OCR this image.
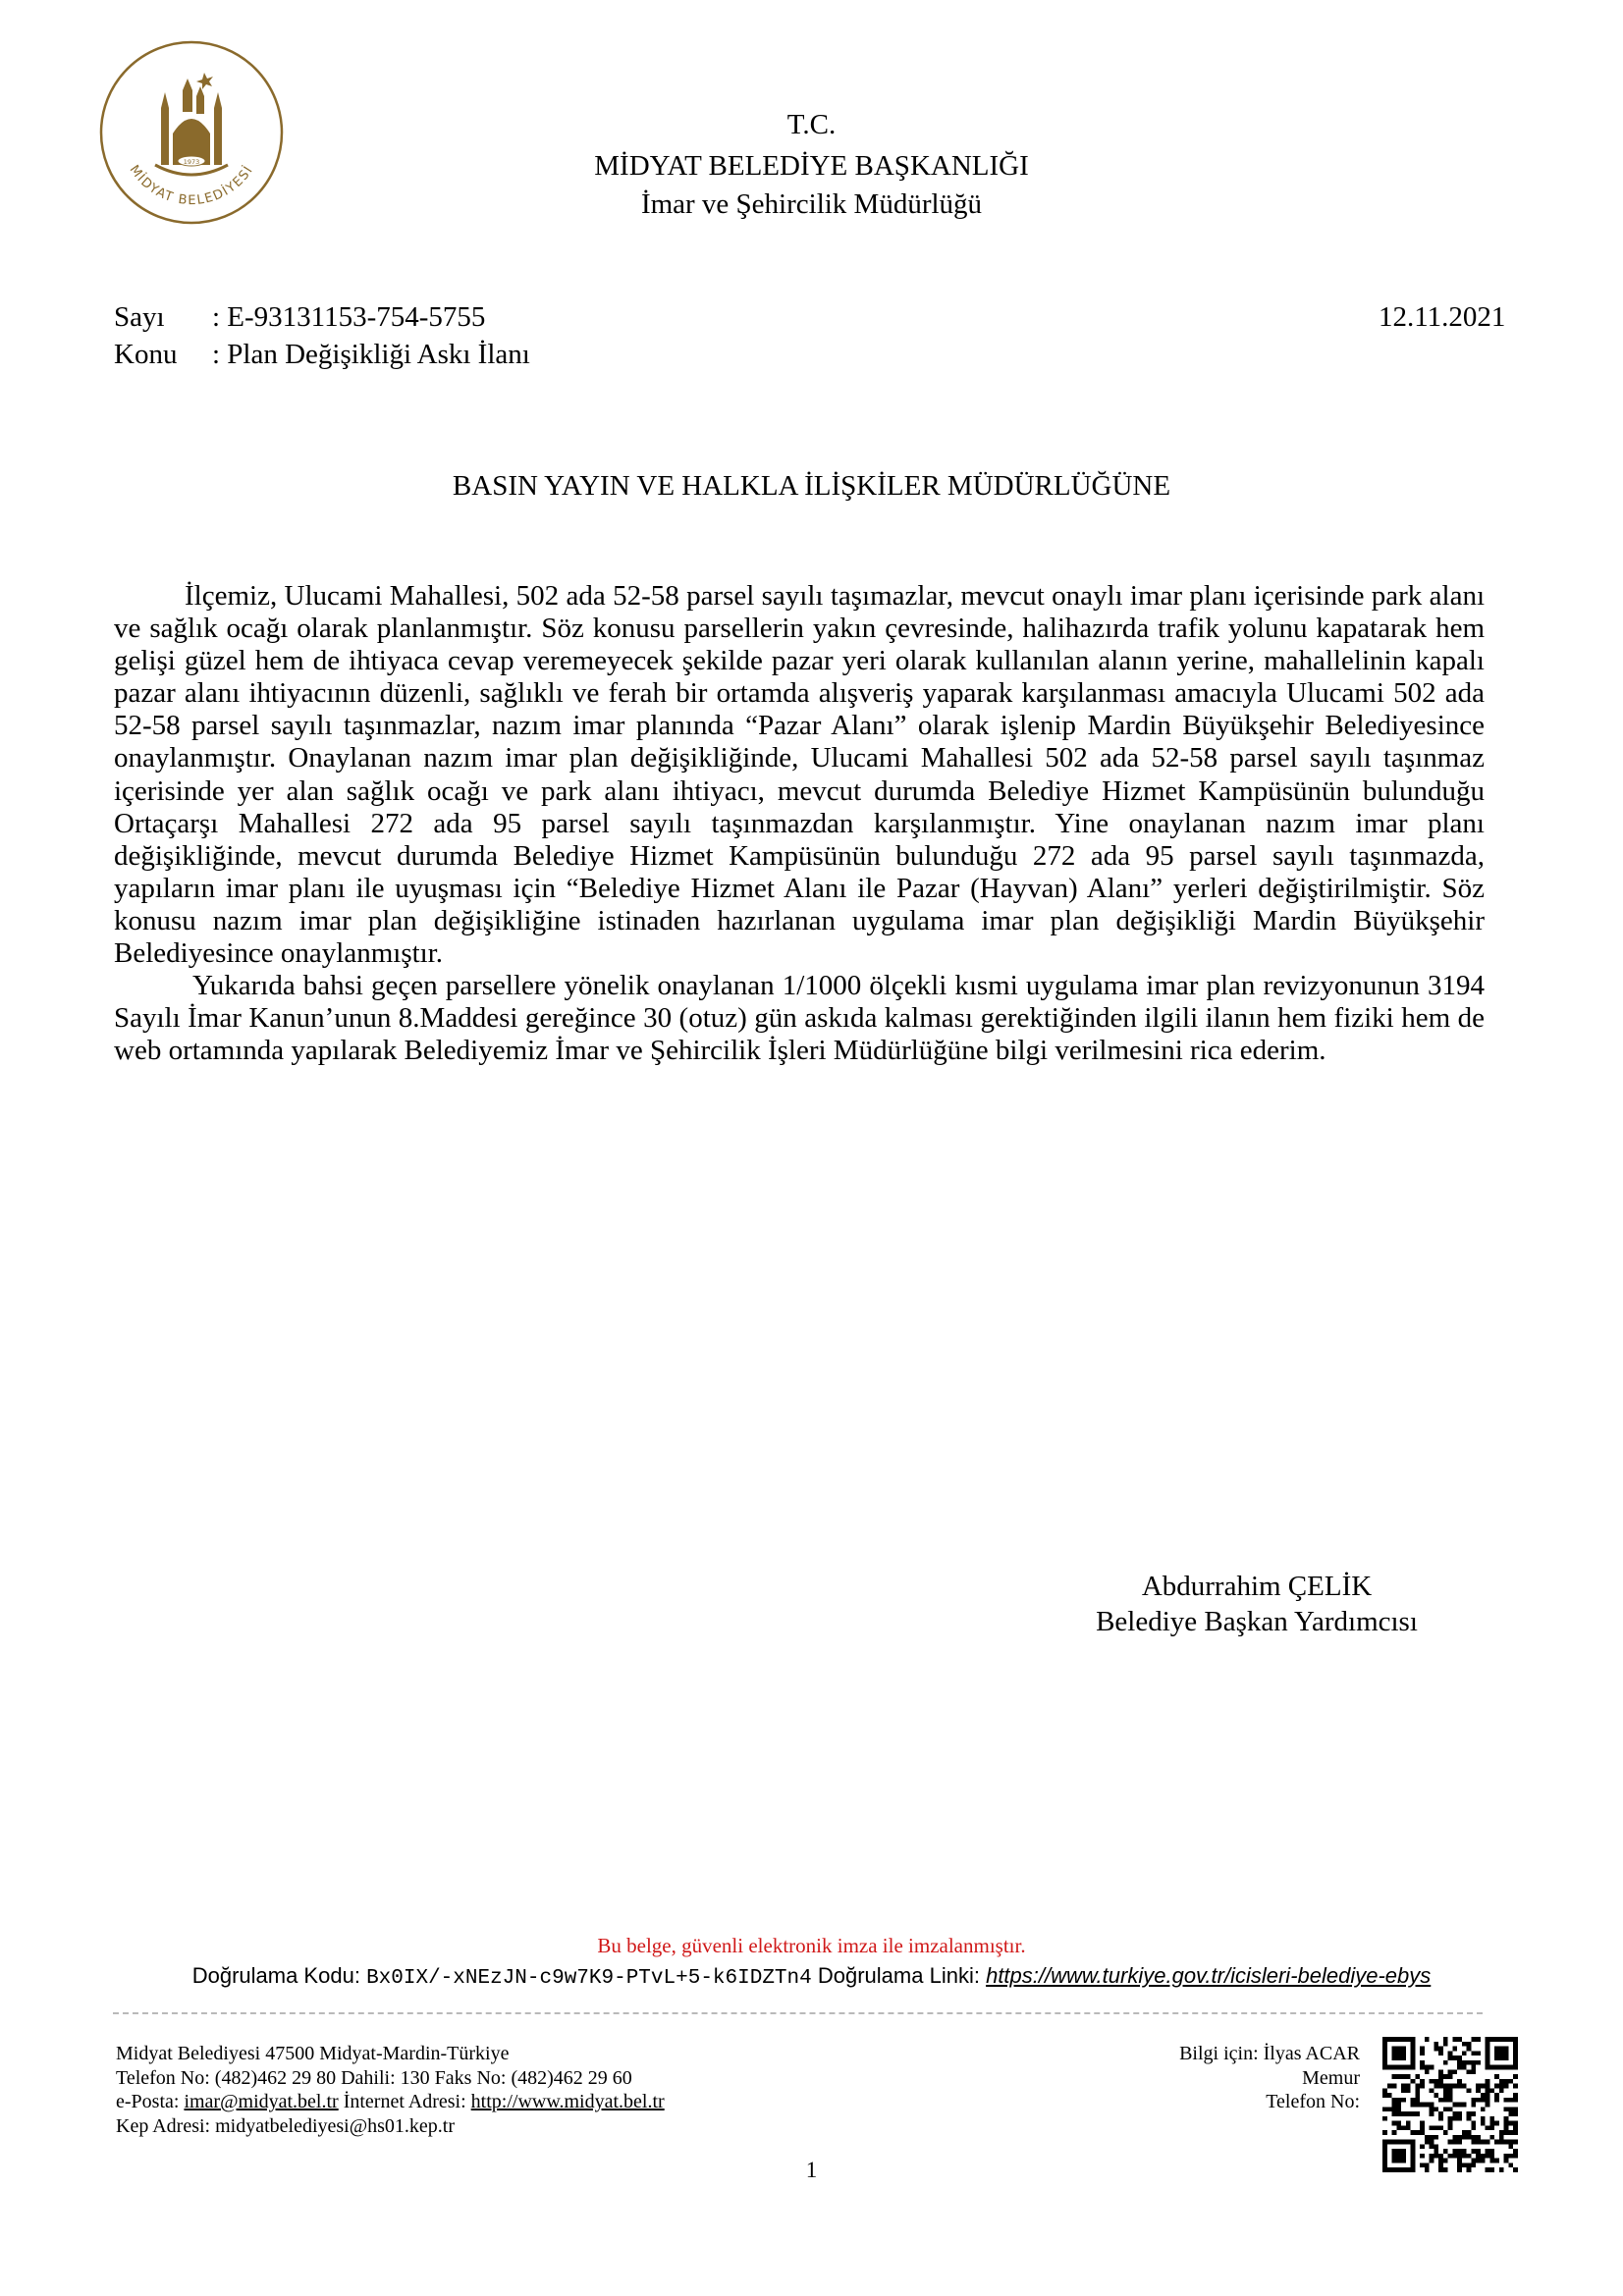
1973
MİDYAT BELEDİYESİ
T.C.
MİDYAT BELEDİYE BAŞKANLIĞI
İmar ve Şehircilik Müdürlüğü
Sayı : E-93131153-754-5755	12.11.2021
Konu : Plan Değişikliği Askı İlanı
BASIN YAYIN VE HALKLA İLİŞKİLER MÜDÜRLÜĞÜNE

İlçemiz, Ulucami Mahallesi, 502 ada 52-58 parsel sayılı taşımazlar, mevcut onaylı imar planı içerisinde park alanı ve sağlık ocağı olarak planlanmıştır. Söz konusu parsellerin yakın çevresinde, halihazırda trafik yolunu kapatarak hem gelişi güzel hem de ihtiyaca cevap veremeyecek şekilde pazar yeri olarak kullanılan alanın yerine, mahallelinin kapalı pazar alanı ihtiyacının düzenli, sağlıklı ve ferah bir ortamda alışveriş yaparak karşılanması amacıyla Ulucami 502 ada 52-58 parsel sayılı taşınmazlar, nazım imar planında “Pazar Alanı” olarak işlenip Mardin Büyükşehir Belediyesince onaylanmıştır. Onaylanan nazım imar plan değişikliğinde, Ulucami Mahallesi 502 ada 52-58 parsel sayılı taşınmaz içerisinde yer alan sağlık ocağı ve park alanı ihtiyacı, mevcut durumda Belediye Hizmet Kampüsünün bulunduğu Ortaçarşı Mahallesi 272 ada 95 parsel sayılı taşınmazdan karşılanmıştır. Yine onaylanan nazım imar planı değişikliğinde, mevcut durumda Belediye Hizmet Kampüsünün bulunduğu 272 ada 95 parsel sayılı taşınmazda, yapıların imar planı ile uyuşması için “Belediye Hizmet Alanı ile Pazar (Hayvan) Alanı” yerleri değiştirilmiştir. Söz konusu nazım imar plan değişikliğine istinaden hazırlanan uygulama imar plan değişikliği Mardin Büyükşehir Belediyesince onaylanmıştır.

Yukarıda bahsi geçen parsellere yönelik onaylanan 1/1000 ölçekli kısmi uygulama imar plan revizyonunun 3194 Sayılı İmar Kanun’unun 8.Maddesi gereğince 30 (otuz) gün askıda kalması gerektiğinden ilgili ilanın hem fiziki hem de web ortamında yapılarak Belediyemiz İmar ve Şehircilik İşleri Müdürlüğüne bilgi verilmesini rica ederim.

Abdurrahim ÇELİK
Belediye Başkan Yardımcısı
Bu belge, güvenli elektronik imza ile imzalanmıştır.
Doğrulama Kodu: Bx0IX/-xNEzJN-c9w7K9-PTvL+5-k6IDZTn4 Doğrulama Linki: https://www.turkiye.gov.tr/icisleri-belediye-ebys
Midyat Belediyesi 47500 Midyat-Mardin-Türkiye
Telefon No: (482)462 29 80 Dahili: 130 Faks No: (482)462 29 60
e-Posta: imar@midyat.bel.tr İnternet Adresi: http://www.midyat.bel.tr
Kep Adresi: midyatbelediyesi@hs01.kep.tr
Bilgi için: İlyas ACAR
Memur
Telefon No:
1
